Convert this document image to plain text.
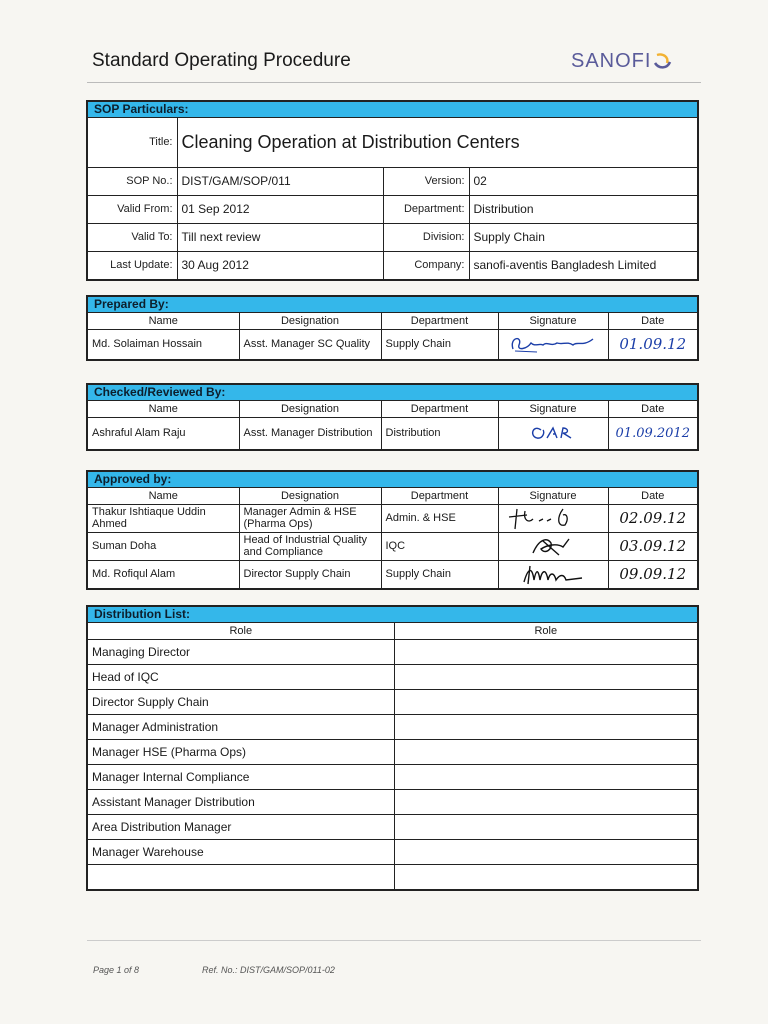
Standard Operating Procedure	SANOFI
SOP Particulars:
Title:	Cleaning Operation at Distribution Centers		
SOP No.:	DIST/GAM/SOP/011	Version:	02
Valid From:	01 Sep 2012	Department:	Distribution
Valid To:	Till next review	Division:	Supply Chain
Last Update:	30 Aug 2012	Company:	sanofi-aventis Bangladesh Limited
Prepared By:
Name	Designation	Department	Signature	Date
Md. Solaiman Hossain	Asst. Manager SC Quality	Supply Chain		01.09.12
Checked/Reviewed By:
Name	Designation	Department	Signature	Date
Ashraful Alam Raju	Asst. Manager Distribution	Distribution		01.09.2012
Approved by:
Name	Designation	Department	Signature	Date
Thakur Ishtiaque Uddin Ahmed	Manager Admin & HSE (Pharma Ops)	Admin. & HSE		02.09.12
Suman Doha	Head of Industrial Quality and Compliance	IQC		03.09.12
Md. Rofiqul Alam	Director Supply Chain	Supply Chain		09.09.12
Distribution List:
Role	Role
Managing Director	
Head of IQC	
Director Supply Chain	
Manager Administration	
Manager HSE (Pharma Ops)	
Manager Internal Compliance	
Assistant Manager Distribution	
Area Distribution Manager	
Manager Warehouse	

Page 1 of 8	Ref. No.: DIST/GAM/SOP/011-02
